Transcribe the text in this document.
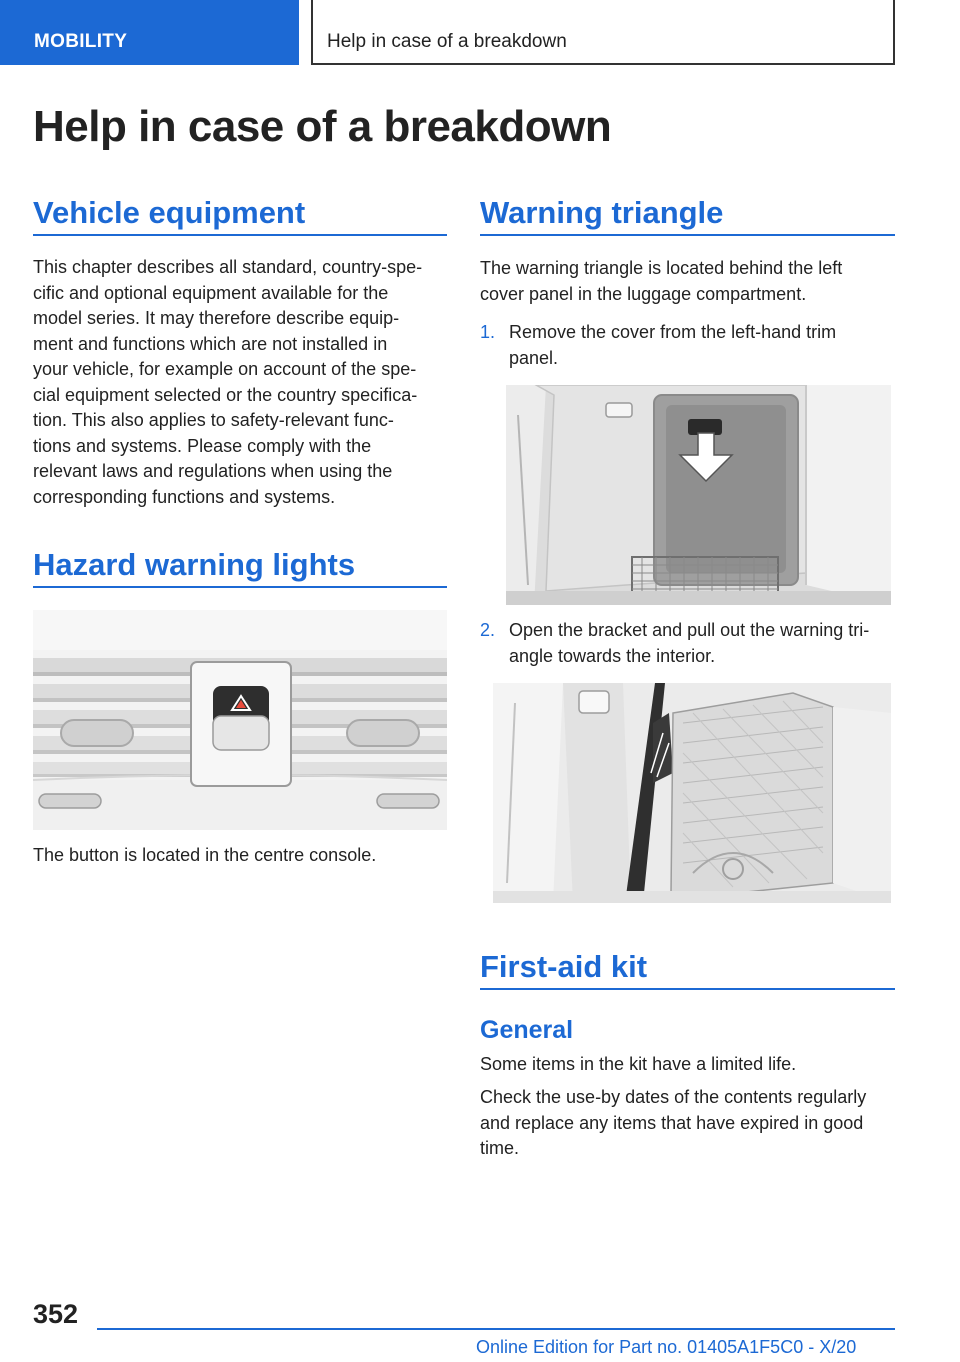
MOBILITY	Help in case of a breakdown
Help in case of a breakdown
Vehicle equipment
This chapter describes all standard, country-spe-
cific and optional equipment available for the
model series. It may therefore describe equip-
ment and functions which are not installed in
your vehicle, for example on account of the spe-
cial equipment selected or the country specifica-
tion. This also applies to safety-relevant func-
tions and systems. Please comply with the
relevant laws and regulations when using the
corresponding functions and systems.
Hazard warning lights
The button is located in the centre console.
Warning triangle
The warning triangle is located behind the left
cover panel in the luggage compartment.
1. Remove the cover from the left-hand trim
panel.
2. Open the bracket and pull out the warning tri-
angle towards the interior.
First-aid kit
General
Some items in the kit have a limited life.
Check the use-by dates of the contents regularly
and replace any items that have expired in good
time.
352
Online Edition for Part no. 01405A1F5C0 - X/20
